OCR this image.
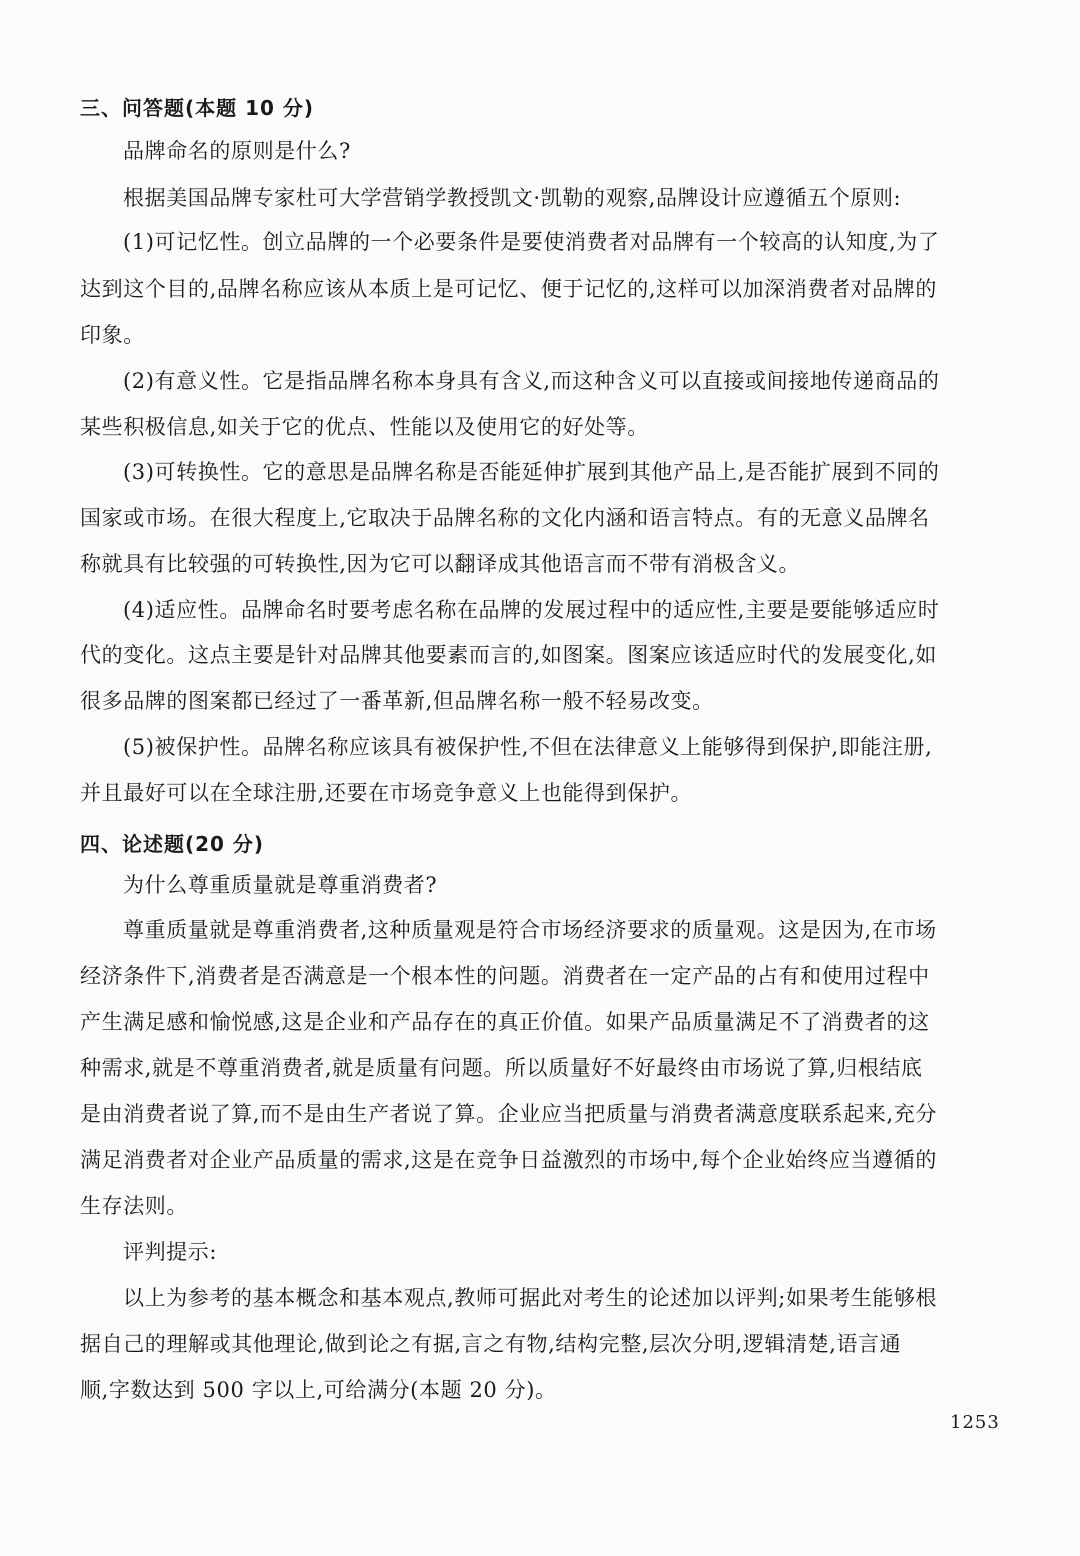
三、问答题(本题 10 分)
品牌命名的原则是什么?
根据美国品牌专家杜可大学营销学教授凯文·凯勒的观察,品牌设计应遵循五个原则:
(1)可记忆性。创立品牌的一个必要条件是要使消费者对品牌有一个较高的认知度,为了
达到这个目的,品牌名称应该从本质上是可记忆、便于记忆的,这样可以加深消费者对品牌的
印象。
(2)有意义性。它是指品牌名称本身具有含义,而这种含义可以直接或间接地传递商品的
某些积极信息,如关于它的优点、性能以及使用它的好处等。
(3)可转换性。它的意思是品牌名称是否能延伸扩展到其他产品上,是否能扩展到不同的
国家或市场。在很大程度上,它取决于品牌名称的文化内涵和语言特点。有的无意义品牌名
称就具有比较强的可转换性,因为它可以翻译成其他语言而不带有消极含义。
(4)适应性。品牌命名时要考虑名称在品牌的发展过程中的适应性,主要是要能够适应时
代的变化。这点主要是针对品牌其他要素而言的,如图案。图案应该适应时代的发展变化,如
很多品牌的图案都已经过了一番革新,但品牌名称一般不轻易改变。
(5)被保护性。品牌名称应该具有被保护性,不但在法律意义上能够得到保护,即能注册,
并且最好可以在全球注册,还要在市场竞争意义上也能得到保护。
四、论述题(20 分)
为什么尊重质量就是尊重消费者?
尊重质量就是尊重消费者,这种质量观是符合市场经济要求的质量观。这是因为,在市场
经济条件下,消费者是否满意是一个根本性的问题。消费者在一定产品的占有和使用过程中
产生满足感和愉悦感,这是企业和产品存在的真正价值。如果产品质量满足不了消费者的这
种需求,就是不尊重消费者,就是质量有问题。所以质量好不好最终由市场说了算,归根结底
是由消费者说了算,而不是由生产者说了算。企业应当把质量与消费者满意度联系起来,充分
满足消费者对企业产品质量的需求,这是在竞争日益激烈的市场中,每个企业始终应当遵循的
生存法则。
评判提示:
以上为参考的基本概念和基本观点,教师可据此对考生的论述加以评判;如果考生能够根
据自己的理解或其他理论,做到论之有据,言之有物,结构完整,层次分明,逻辑清楚,语言通
顺,字数达到 500 字以上,可给满分(本题 20 分)。
1253
